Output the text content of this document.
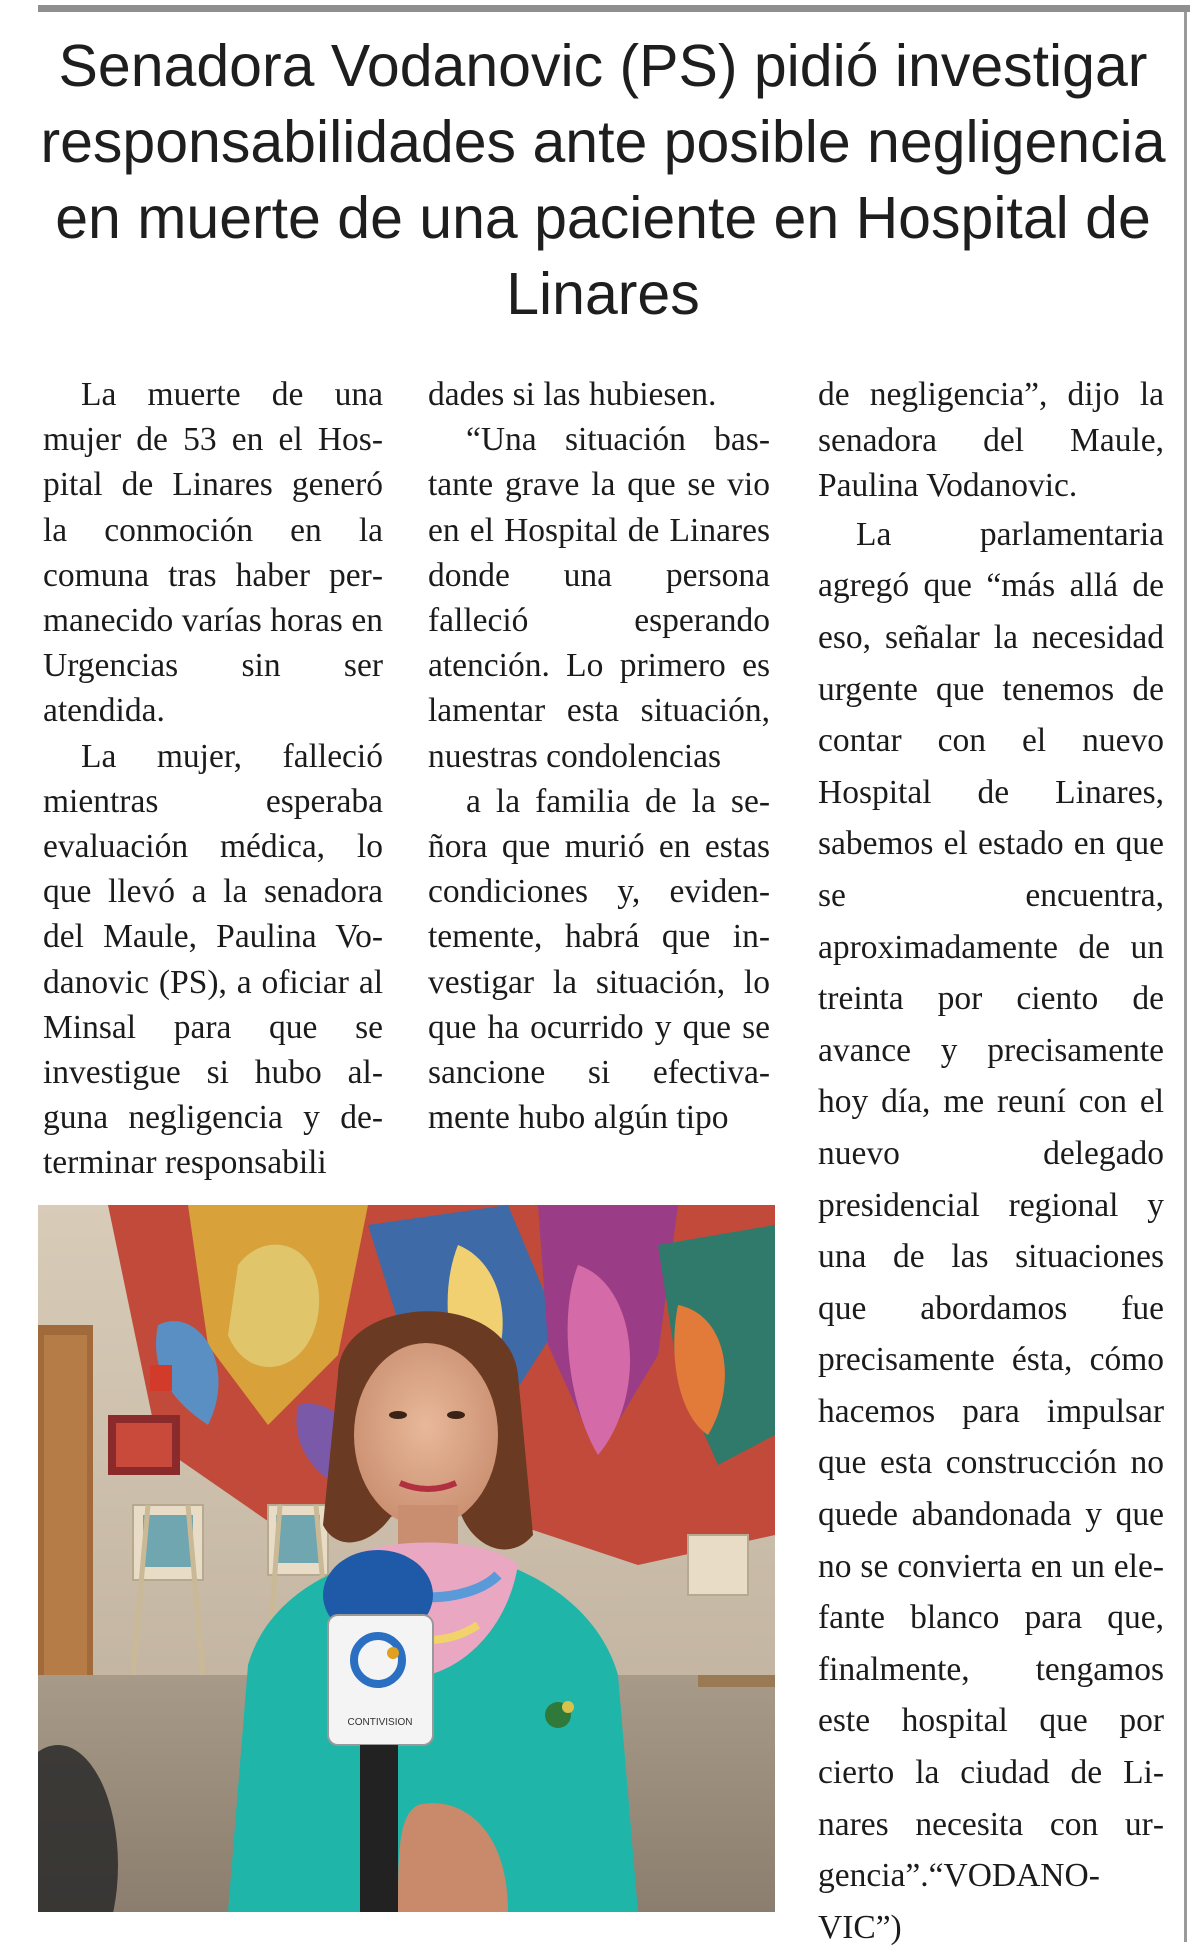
Senadora Vodanovic (PS) pidió investigar responsabilidades ante posible negligencia en muerte de una paciente en Hospital de Linares

La muerte de una mujer de 53 en el Hospital de Linares generó la conmoción en la comuna tras haber permanecido varías horas en Urgencias sin ser atendida.

La mujer, falleció mientras esperaba evaluación médica, lo que llevó a la senadora del Maule, Paulina Vodanovic (PS), a oficiar al Minsal para que se investigue si hubo alguna negligencia y determinar responsabili

dades si las hubiesen.

“Una situación bastante grave la que se vio en el Hospital de Linares donde una persona falleció esperando atención. Lo primero es lamentar esta situación, nuestras condolencias

a la familia de la señora que murió en estas condiciones y, evidentemente, habrá que investigar la situación, lo que ha ocurrido y que se sancione si efectivamente hubo algún tipo

de negligencia”, dijo la senadora del Maule, Paulina Vodanovic.

La parlamentaria agregó que “más allá de eso, señalar la necesidad urgente que tenemos de contar con el nuevo Hospital de Linares, sabemos el estado en que se encuentra, aproximadamente de un treinta por ciento de avance y precisamente hoy día, me reuní con el nuevo delegado presidencial regional y una de las situaciones que abordamos fue precisamente ésta, cómo hacemos para impulsar que esta construcción no quede abandonada y que no se convierta en un elefante blanco para que, finalmente, tengamos este hospital que por cierto la ciudad de Linares necesita con urgencia”.“VODANOVIC”)

CONTIVISION
